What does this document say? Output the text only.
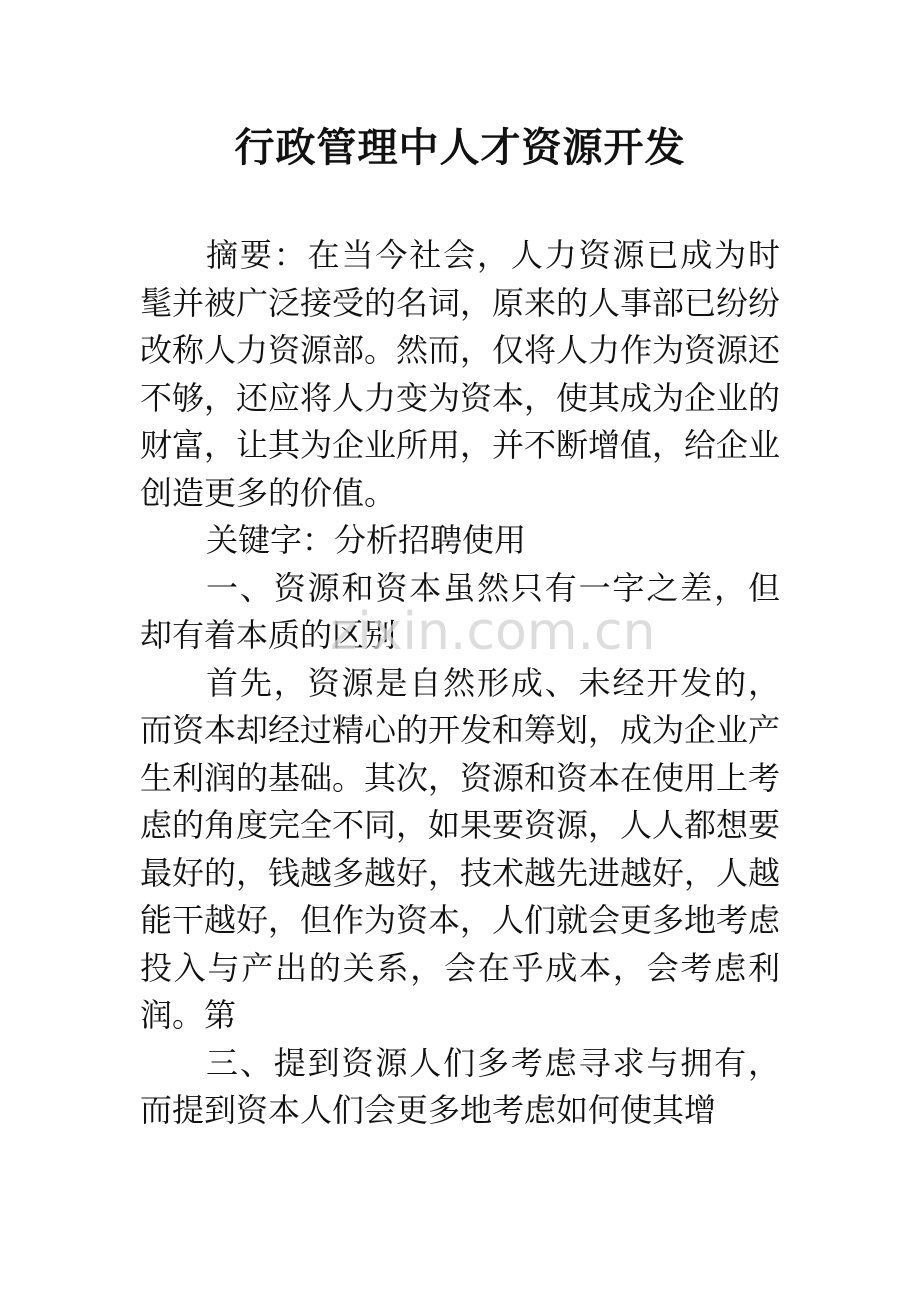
行政管理中人才资源开发

摘要：在当今社会，人力资源已成为时髦并被广泛接受的名词，原来的人事部已纷纷改称人力资源部。然而，仅将人力作为资源还不够，还应将人力变为资本，使其成为企业的财富，让其为企业所用，并不断增值，给企业创造更多的价值。

关键字：分析招聘使用

一、资源和资本虽然只有一字之差，但却有着本质的区别

首先，资源是自然形成、未经开发的，而资本却经过精心的开发和筹划，成为企业产生利润的基础。其次，资源和资本在使用上考虑的角度完全不同，如果要资源，人人都想要最好的，钱越多越好，技术越先进越好，人越能干越好，但作为资本，人们就会更多地考虑投入与产出的关系，会在乎成本，会考虑利润。第

三、提到资源人们多考虑寻求与拥有，而提到资本人们会更多地考虑如何使其增

zixin.com.cn
